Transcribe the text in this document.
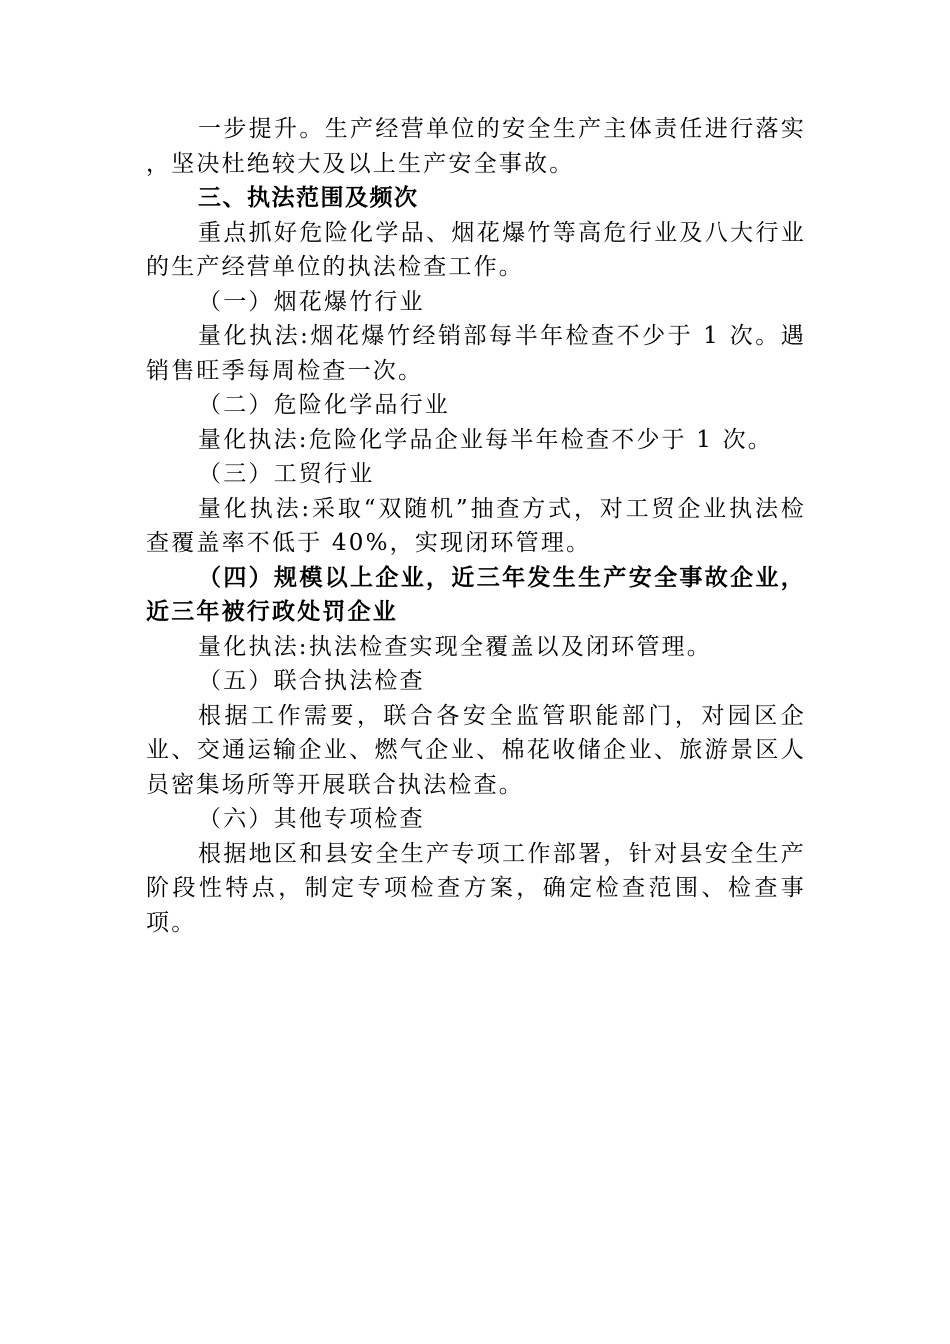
一步提升。生产经营单位的安全生产主体责任进行落实 ，坚决杜绝较大及以上生产安全事故。

三、执法范围及频次

重点抓好危险化学品、烟花爆竹等高危行业及八大行业的生产经营单位的执法检查工作。

（一）烟花爆竹行业

量化执法:烟花爆竹经销部每半年检查不少于 1 次。遇销售旺季每周检查一次。

（二）危险化学品行业

量化执法:危险化学品企业每半年检查不少于 1 次。

（三）工贸行业

量化执法:采取“双随机”抽查方式，对工贸企业执法检查覆盖率不低于 40%，实现闭环管理。

（四）规模以上企业，近三年发生生产安全事故企业，近三年被行政处罚企业

量化执法:执法检查实现全覆盖以及闭环管理。

（五）联合执法检查

根据工作需要，联合各安全监管职能部门，对园区企业、交通运输企业、燃气企业、棉花收储企业、旅游景区人员密集场所等开展联合执法检查。

（六）其他专项检查

根据地区和县安全生产专项工作部署，针对县安全生产阶段性特点，制定专项检查方案，确定检查范围、检查事项。
